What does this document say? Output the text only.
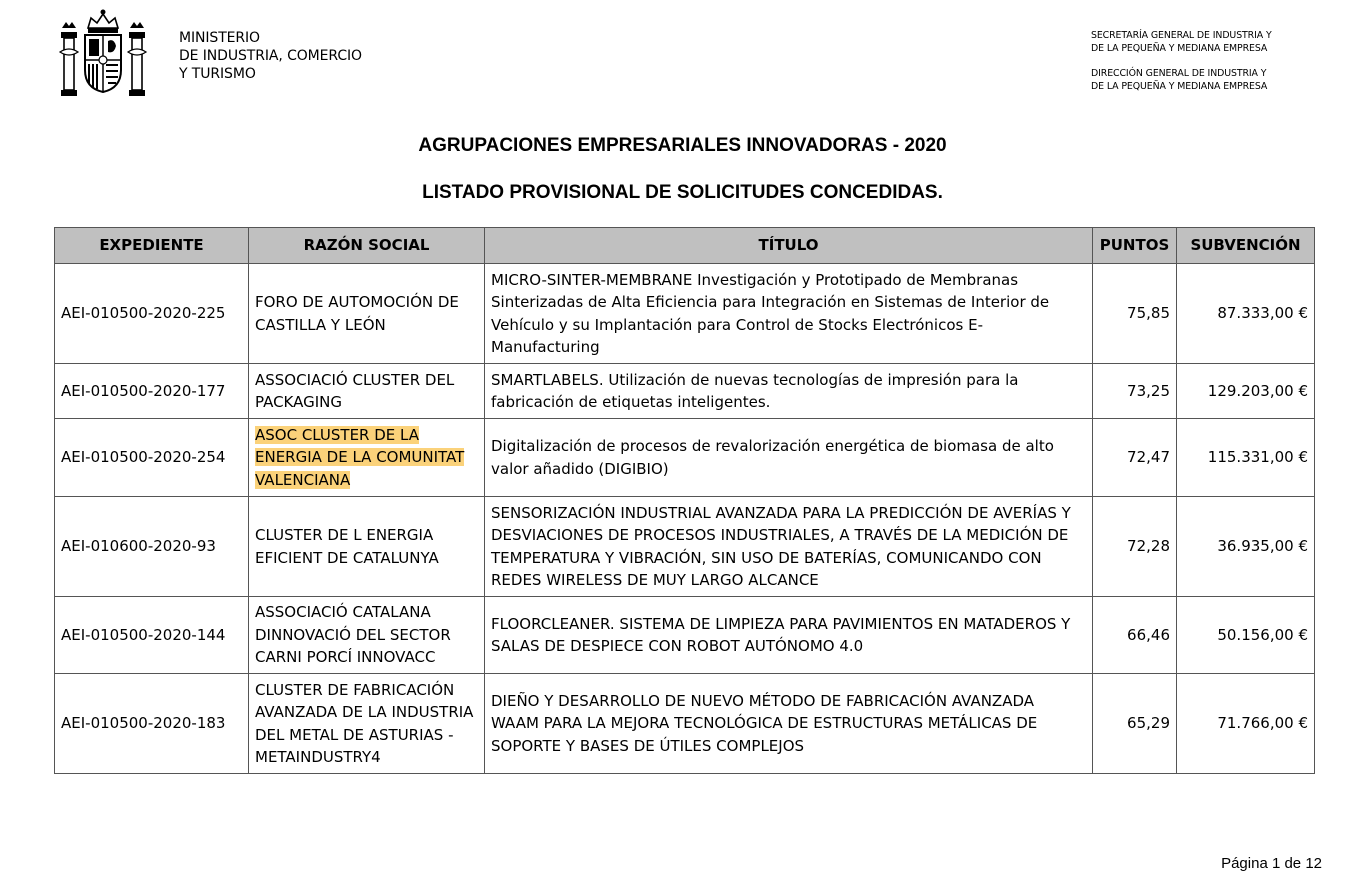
MINISTERIO
DE INDUSTRIA, COMERCIO
Y TURISMO
SECRETARÍA GENERAL DE INDUSTRIA Y
DE LA PEQUEÑA Y MEDIANA EMPRESA
DIRECCIÓN GENERAL DE INDUSTRIA Y
DE LA PEQUEÑA Y MEDIANA EMPRESA
AGRUPACIONES EMPRESARIALES INNOVADORAS - 2020
LISTADO PROVISIONAL DE SOLICITUDES CONCEDIDAS.
EXPEDIENTE	RAZÓN SOCIAL	TÍTULO	PUNTOS	SUBVENCIÓN
AEI-010500-2020-225	FORO DE AUTOMOCIÓN DE CASTILLA Y LEÓN	MICRO-SINTER-MEMBRANE Investigación y Prototipado de Membranas Sinterizadas de Alta Eficiencia para Integración en Sistemas de Interior de Vehículo y su Implantación para Control de Stocks Electrónicos E-Manufacturing	75,85	87.333,00 €
AEI-010500-2020-177	ASSOCIACIÓ CLUSTER DEL PACKAGING	SMARTLABELS. Utilización de nuevas tecnologías de impresión para la fabricación de etiquetas inteligentes.	73,25	129.203,00 €
AEI-010500-2020-254	ASOC CLUSTER DE LA ENERGIA DE LA COMUNITAT VALENCIANA	Digitalización de procesos de revalorización energética de biomasa de alto valor añadido (DIGIBIO)	72,47	115.331,00 €
AEI-010600-2020-93	CLUSTER DE L ENERGIA EFICIENT DE CATALUNYA	SENSORIZACIÓN INDUSTRIAL AVANZADA PARA LA PREDICCIÓN DE AVERÍAS Y DESVIACIONES DE PROCESOS INDUSTRIALES, A TRAVÉS DE LA MEDICIÓN DE TEMPERATURA Y VIBRACIÓN, SIN USO DE BATERÍAS, COMUNICANDO CON REDES WIRELESS DE MUY LARGO ALCANCE	72,28	36.935,00 €
AEI-010500-2020-144	ASSOCIACIÓ CATALANA DINNOVACIÓ DEL SECTOR CARNI PORCÍ INNOVACC	FLOORCLEANER. SISTEMA DE LIMPIEZA PARA PAVIMIENTOS EN MATADEROS Y SALAS DE DESPIECE CON ROBOT AUTÓNOMO 4.0	66,46	50.156,00 €
AEI-010500-2020-183	CLUSTER DE FABRICACIÓN AVANZADA DE LA INDUSTRIA DEL METAL DE ASTURIAS - METAINDUSTRY4	DIEÑO Y DESARROLLO DE NUEVO MÉTODO DE FABRICACIÓN AVANZADA WAAM PARA LA MEJORA TECNOLÓGICA DE ESTRUCTURAS METÁLICAS DE SOPORTE Y BASES DE ÚTILES COMPLEJOS	65,29	71.766,00 €
Página 1 de 12
